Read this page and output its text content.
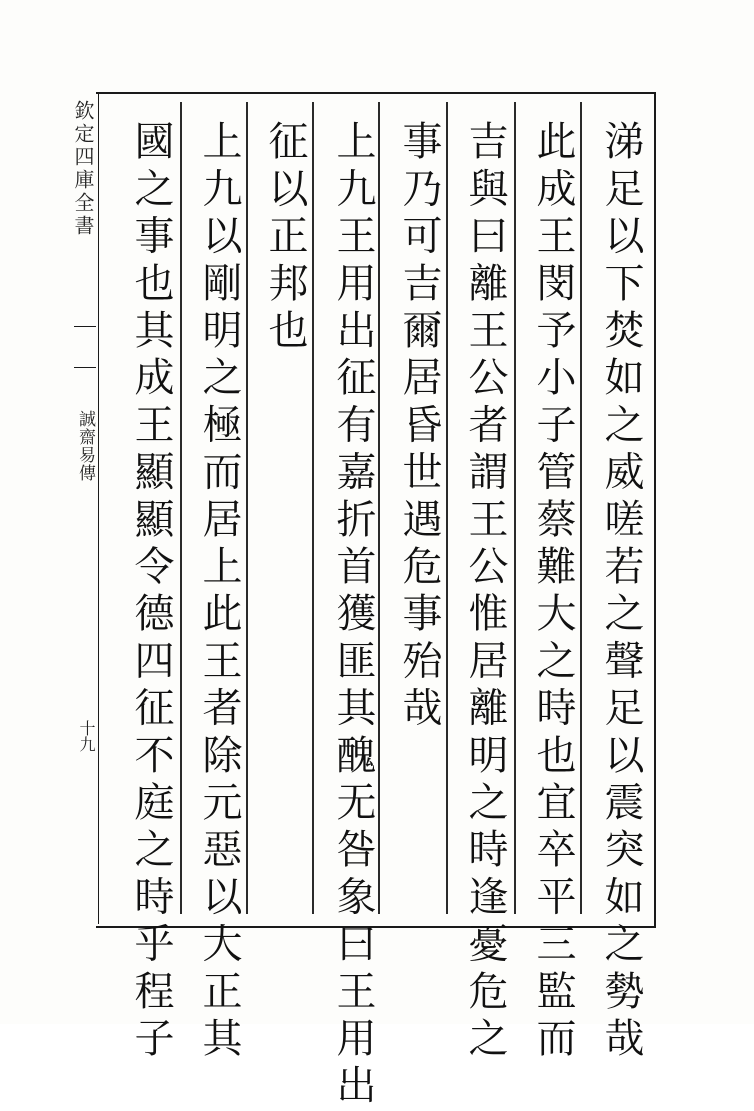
欽定四庫全書
誠齋易傳
十九	涕足以下焚如之威嗟若之聲足以震突如之勢哉
此成王閔予小子管蔡難大之時也宜卒平三監而
吉與曰離王公者謂王公惟居離明之時逢憂危之
事乃可吉爾居昏世遇危事殆哉
上九王用出征有嘉折首獲匪其醜无咎象曰王用出
征以正邦也
上九以剛明之極而居上此王者除元惡以大正其
國之事也其成王顯顯令德四征不庭之時乎程子
